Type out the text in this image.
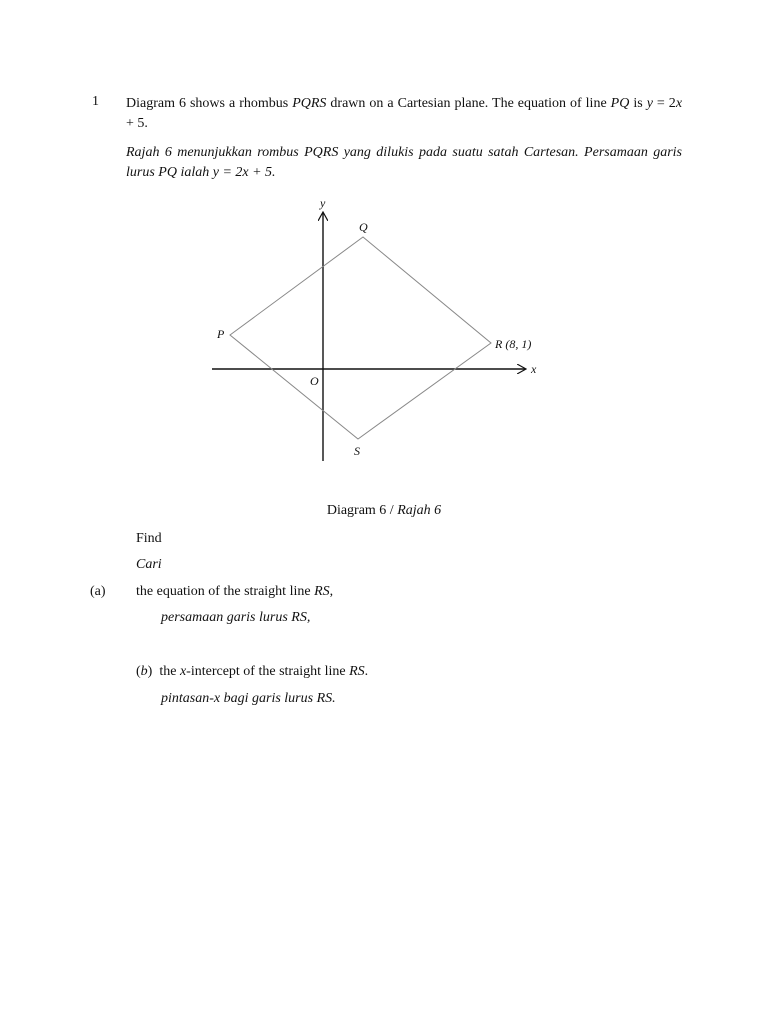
1 Diagram 6 shows a rhombus PQRS drawn on a Cartesian plane. The equation of line PQ is y = 2x + 5.
Rajah 6 menunjukkan rombus PQRS yang dilukis pada suatu satah Cartesan. Persamaan garis lurus PQ ialah y = 2x + 5.
y
x
O
P
Q
R (8, 1)
S
Diagram 6 / Rajah 6
Find
Cari
(a) the equation of the straight line RS,
persamaan garis lurus RS,
(b)  the x-intercept of the straight line RS.
pintasan-x bagi garis lurus RS.
